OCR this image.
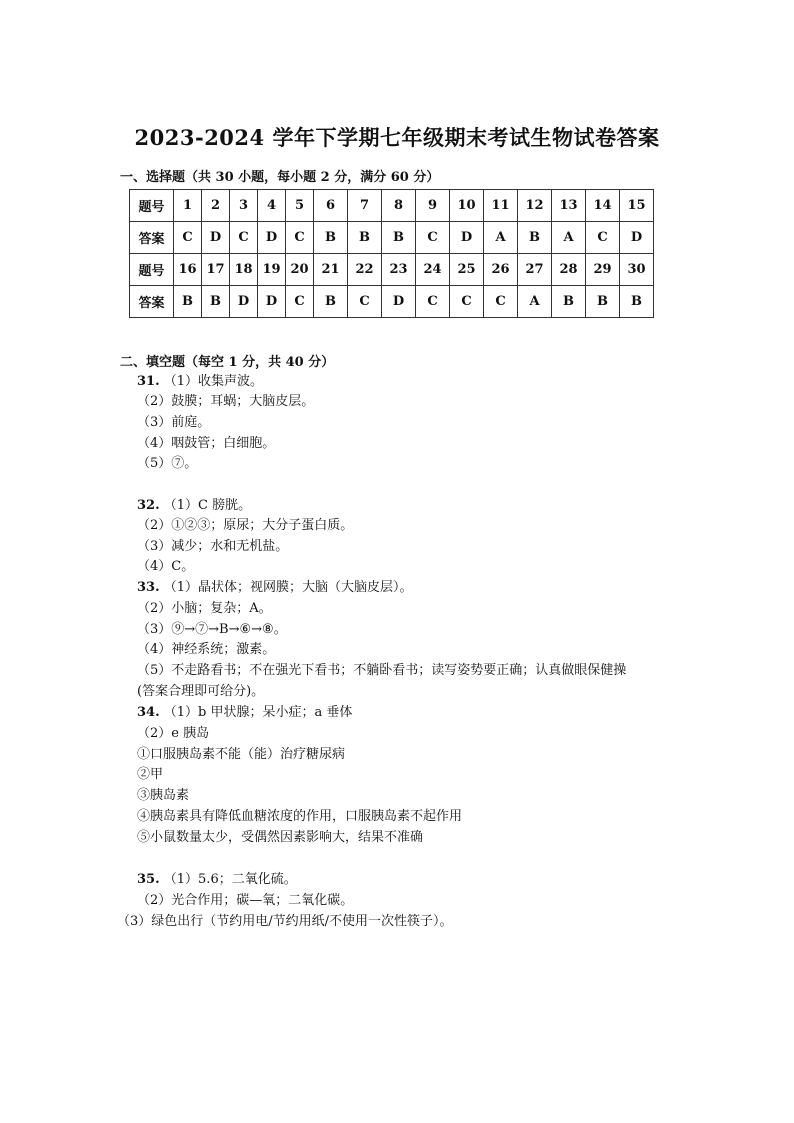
2023-2024 学年下学期七年级期末考试生物试卷答案
一、选择题（共 30 小题，每小题 2 分，满分 60 分）
题号	1	2	3	4	5	6	7	8	9	10	11	12	13	14	15
答案	C	D	C	D	C	B	B	B	C	D	A	B	A	C	D
题号	16	17	18	19	20	21	22	23	24	25	26	27	28	29	30
答案	B	B	D	D	C	B	C	D	C	C	C	A	B	B	B
二、填空题（每空 1 分，共 40 分）
31. （1）收集声波。
（2）鼓膜；耳蜗；大脑皮层。
（3）前庭。
（4）咽鼓管；白细胞。
（5）⑦。
32. （1）C 膀胱。
（2）①②③；原尿；大分子蛋白质。
（3）减少；水和无机盐。
（4）C。
33. （1）晶状体；视网膜；大脑（大脑皮层）。
（2）小脑；复杂；A。
（3）⑨→⑦→B→⑥→⑧。
（4）神经系统；激素。
（5）不走路看书；不在强光下看书；不躺卧看书；读写姿势要正确；认真做眼保健操
(答案合理即可给分)。
34. （1）b 甲状腺；呆小症；a 垂体
（2）e 胰岛
①口服胰岛素不能（能）治疗糖尿病
②甲
③胰岛素
④胰岛素具有降低血糖浓度的作用，口服胰岛素不起作用
⑤小鼠数量太少，受偶然因素影响大，结果不准确
35. （1）5.6；二氧化硫。
（2）光合作用；碳—氧；二氧化碳。
（3）绿色出行（节约用电/节约用纸/不使用一次性筷子）。
